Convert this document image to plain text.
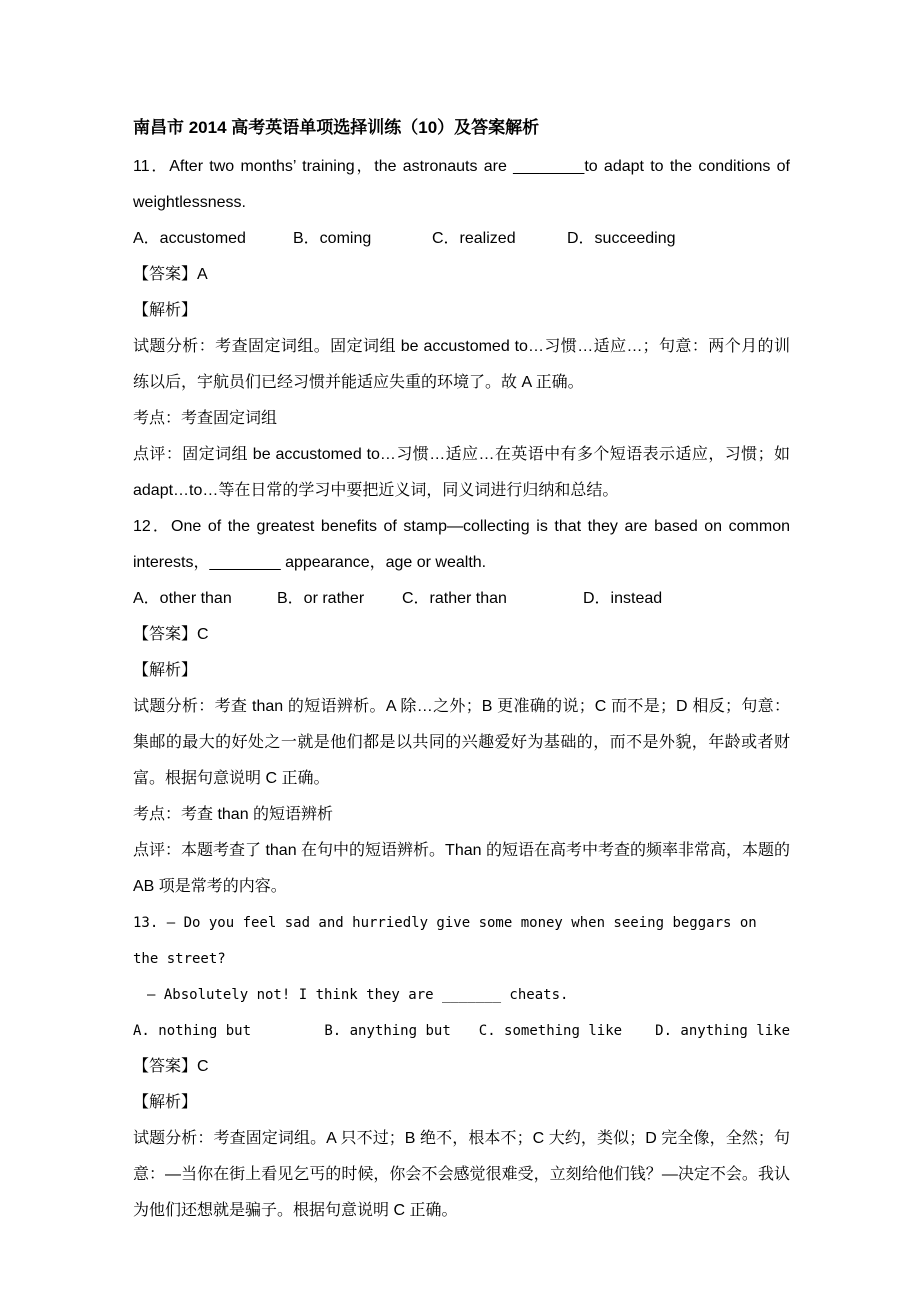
南昌市 2014 高考英语单项选择训练（10）及答案解析

11．After two months’ training，the astronauts are ________to adapt to the conditions of weightlessness.

A．accustomed	B．coming	C．realized	D．succeeding

【答案】A

【解析】

试题分析：考查固定词组。固定词组 be accustomed to…习惯…适应…；句意：两个月的训练以后，宇航员们已经习惯并能适应失重的环境了。故 A 正确。

考点：考查固定词组

点评：固定词组 be accustomed to…习惯…适应…在英语中有多个短语表示适应，习惯；如 adapt…to…等在日常的学习中要把近义词，同义词进行归纳和总结。

12．One of the greatest benefits of stamp—collecting is that they are based on common interests，________ appearance，age or wealth.

A．other than	B．or rather	C．rather than	D．instead

【答案】C

【解析】

试题分析：考查 than 的短语辨析。A 除…之外；B 更准确的说；C 而不是；D 相反；句意：集邮的最大的好处之一就是他们都是以共同的兴趣爱好为基础的，而不是外貌，年龄或者财富。根据句意说明 C 正确。

考点：考查 than 的短语辨析

点评：本题考查了 than 在句中的短语辨析。Than 的短语在高考中考查的频率非常高，本题的 AB 项是常考的内容。

13. — Do you feel sad and hurriedly give some money when seeing beggars on the street?

　— Absolutely not! I think they are _______ cheats.

A. nothing but	B. anything but	C. something like	D. anything like

【答案】C

【解析】

试题分析：考查固定词组。A 只不过；B 绝不，根本不；C 大约，类似；D 完全像，全然；句意：—当你在街上看见乞丐的时候，你会不会感觉很难受，立刻给他们钱？—决定不会。我认为他们还想就是骗子。根据句意说明 C 正确。
